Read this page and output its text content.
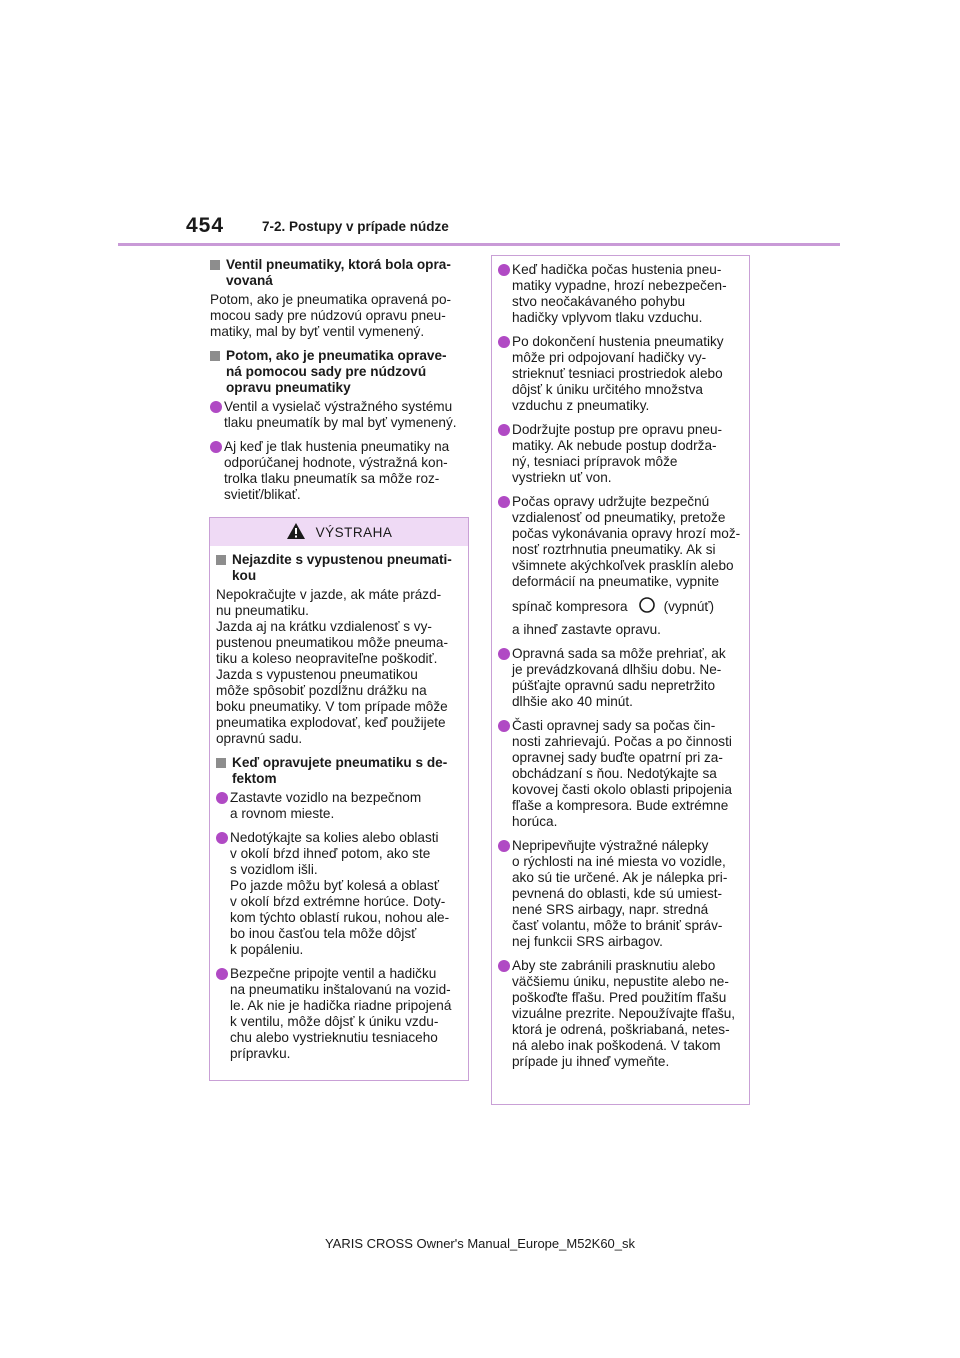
454	7-2. Postupy v prípade núdze
Ventil pneumatiky, ktorá bola opra-
vovaná
Potom, ako je pneumatika opravená po-
mocou sady pre núdzovú opravu pneu-
matiky, mal by byť ventil vymenený.
Potom, ako je pneumatika oprave-
ná pomocou sady pre núdzovú
opravu pneumatiky
Ventil a vysielač výstražného systému
tlaku pneumatík by mal byť vymenený.
Aj keď je tlak hustenia pneumatiky na
odporúčanej hodnote, výstražná kon-
trolka tlaku pneumatík sa môže roz-
svietiť/blikať.
VÝSTRAHA
Nejazdite s vypustenou pneumati-
kou
Nepokračujte v jazde, ak máte prázd-
nu pneumatiku.
Jazda aj na krátku vzdialenosť s vy-
pustenou pneumatikou môže pneuma-
tiku a koleso neopraviteľne poškodiť.
Jazda s vypustenou pneumatikou
môže spôsobiť pozdĺžnu drážku na
boku pneumatiky. V tom prípade môže
pneumatika explodovať, keď použijete
opravnú sadu.
Keď opravujete pneumatiku s de-
fektom
Zastavte vozidlo na bezpečnom
a rovnom mieste.
Nedotýkajte sa kolies alebo oblasti
v okolí bŕzd ihneď potom, ako ste
s vozidlom išli.
Po jazde môžu byť kolesá a oblasť
v okolí bŕzd extrémne horúce. Doty-
kom týchto oblastí rukou, nohou ale-
bo inou časťou tela môže dôjsť
k popáleniu.
Bezpečne pripojte ventil a hadičku
na pneumatiku inštalovanú na vozid-
le. Ak nie je hadička riadne pripojená
k ventilu, môže dôjsť k úniku vzdu-
chu alebo vystrieknutiu tesniaceho
prípravku.
Keď hadička počas hustenia pneu-
matiky vypadne, hrozí nebezpečen-
stvo neočakávaného pohybu
hadičky vplyvom tlaku vzduchu.
Po dokončení hustenia pneumatiky
môže pri odpojovaní hadičky vy-
strieknuť tesniaci prostriedok alebo
dôjsť k úniku určitého množstva
vzduchu z pneumatiky.
Dodržujte postup pre opravu pneu-
matiky. Ak nebude postup dodrža-
ný, tesniaci prípravok môže
vystriekn uť von.
Počas opravy udržujte bezpečnú
vzdialenosť od pneumatiky, pretože
počas vykonávania opravy hrozí mož-
nosť roztrhnutia pneumatiky. Ak si
všimnete akýchkoľvek prasklín alebo
deformácií na pneumatike, vypnite
spínač kompresora	(vypnúť)
a ihneď zastavte opravu.
Opravná sada sa môže prehriať, ak
je prevádzkovaná dlhšiu dobu. Ne-
púšťajte opravnú sadu nepretržito
dlhšie ako 40 minút.
Časti opravnej sady sa počas čin-
nosti zahrievajú. Počas a po činnosti
opravnej sady buďte opatrní pri za-
obchádzaní s ňou. Nedotýkajte sa
kovovej časti okolo oblasti pripojenia
fľaše a kompresora. Bude extrémne
horúca.
Nepripevňujte výstražné nálepky
o rýchlosti na iné miesta vo vozidle,
ako sú tie určené. Ak je nálepka pri-
pevnená do oblasti, kde sú umiest-
nené SRS airbagy, napr. stredná
časť volantu, môže to brániť správ-
nej funkcii SRS airbagov.
Aby ste zabránili prasknutiu alebo
väčšiemu úniku, nepustite alebo ne-
poškoďte fľašu. Pred použitím fľašu
vizuálne prezrite. Nepoužívajte fľašu,
ktorá je odrená, poškriabaná, netes-
ná alebo inak poškodená. V takom
prípade ju ihneď vymeňte.
YARIS CROSS Owner's Manual_Europe_M52K60_sk
